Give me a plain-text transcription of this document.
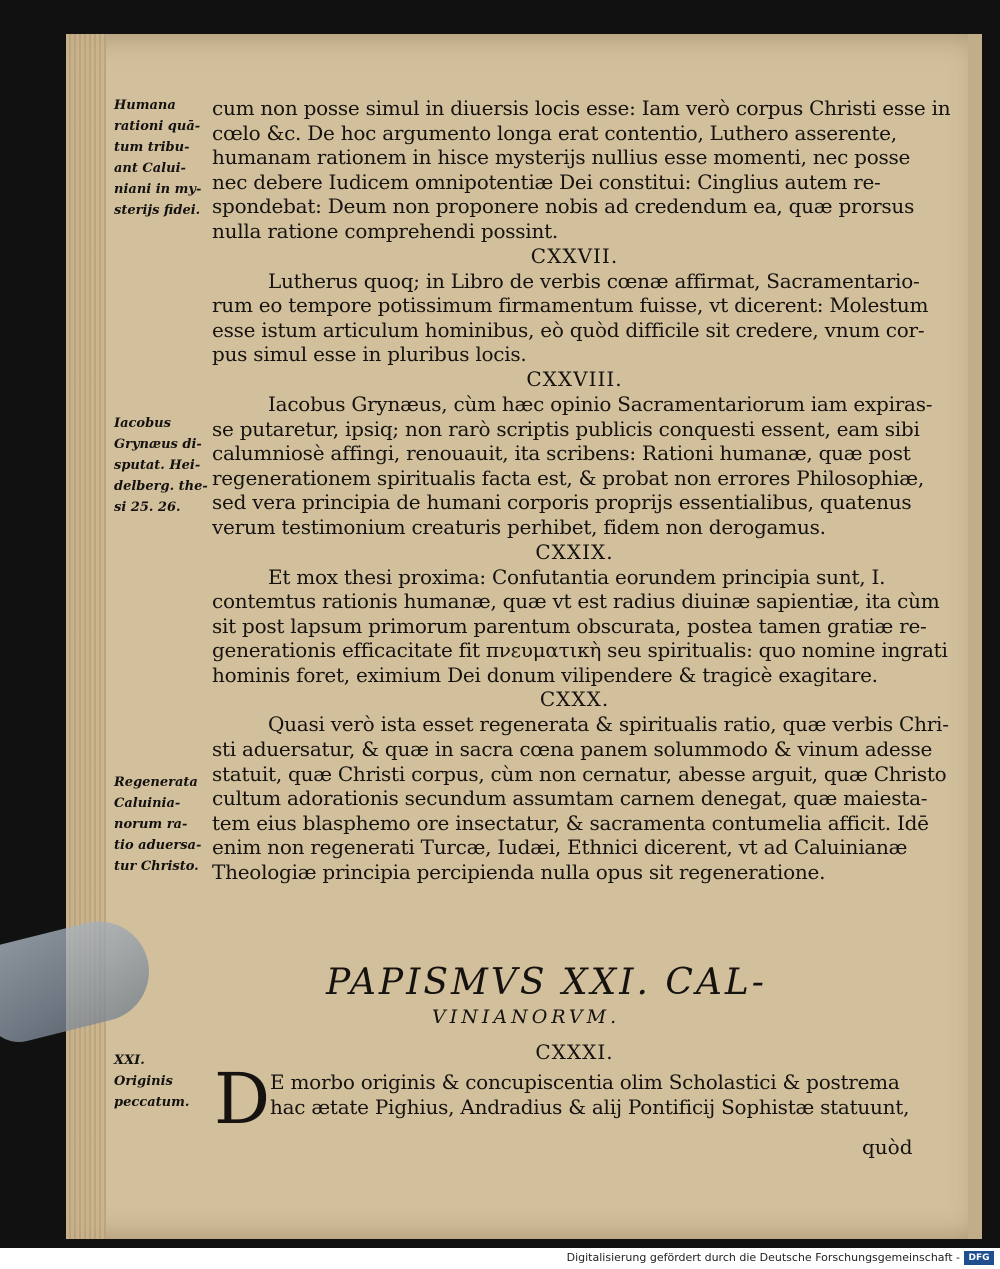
Humana
rationi quā-
tum tribu-
ant Calui-
niani in my-
sterijs fidei.
Iacobus
Grynæus di-
sputat. Hei-
delberg. the-
si 25. 26.
Regenerata
Caluinia-
norum ra-
tio aduersa-
tur Christo.
XXI.
Originis
peccatum.
cum non posse simul in diuersis locis esse: Iam verò corpus Christi esse in
cœlo &c. De hoc argumento longa erat contentio, Luthero asserente,
humanam rationem in hisce mysterijs nullius esse momenti, nec posse
nec debere Iudicem omnipotentiæ Dei constitui: Cinglius autem re-
spondebat: Deum non proponere nobis ad credendum ea, quæ prorsus
nulla ratione comprehendi possint.
CXXVII.
Lutherus quoq; in Libro de verbis cœnæ affirmat, Sacramentario-
rum eo tempore potissimum firmamentum fuisse, vt dicerent: Molestum
esse istum articulum hominibus, eò quòd difficile sit credere, vnum cor-
pus simul esse in pluribus locis.
CXXVIII.
Iacobus Grynæus, cùm hæc opinio Sacramentariorum iam expiras-
se putaretur, ipsiq; non rarò scriptis publicis conquesti essent, eam sibi
calumniosè affingi, renouauit, ita scribens: Rationi humanæ, quæ post
regenerationem spiritualis facta est, & probat non errores Philosophiæ,
sed vera principia de humani corporis proprijs essentialibus, quatenus
verum testimonium creaturis perhibet, fidem non derogamus.
CXXIX.
Et mox thesi proxima: Confutantia eorundem principia sunt, I.
contemtus rationis humanæ, quæ vt est radius diuinæ sapientiæ, ita cùm
sit post lapsum primorum parentum obscurata, postea tamen gratiæ re-
generationis efficacitate fit πνευματικὴ seu spiritualis: quo nomine ingrati
hominis foret, eximium Dei donum vilipendere & tragicè exagitare.
CXXX.
Quasi verò ista esset regenerata & spiritualis ratio, quæ verbis Chri-
sti aduersatur, & quæ in sacra cœna panem solummodo & vinum adesse
statuit, quæ Christi corpus, cùm non cernatur, abesse arguit, quæ Christo
cultum adorationis secundum assumtam carnem denegat, quæ maiesta-
tem eius blasphemo ore insectatur, & sacramenta contumelia afficit. Idē
enim non regenerati Turcæ, Iudæi, Ethnici dicerent, vt ad Caluinianæ
Theologiæ principia percipienda nulla opus sit regeneratione.
PAPISMVS XXI. CAL-
VINIANORVM.
CXXXI.
D E morbo originis & concupiscentia olim Scholastici & postrema
hac ætate Pighius, Andradius & alij Pontificij Sophistæ statuunt,
quòd
Digitalisierung gefördert durch die Deutsche Forschungsgemeinschaft - DFG
